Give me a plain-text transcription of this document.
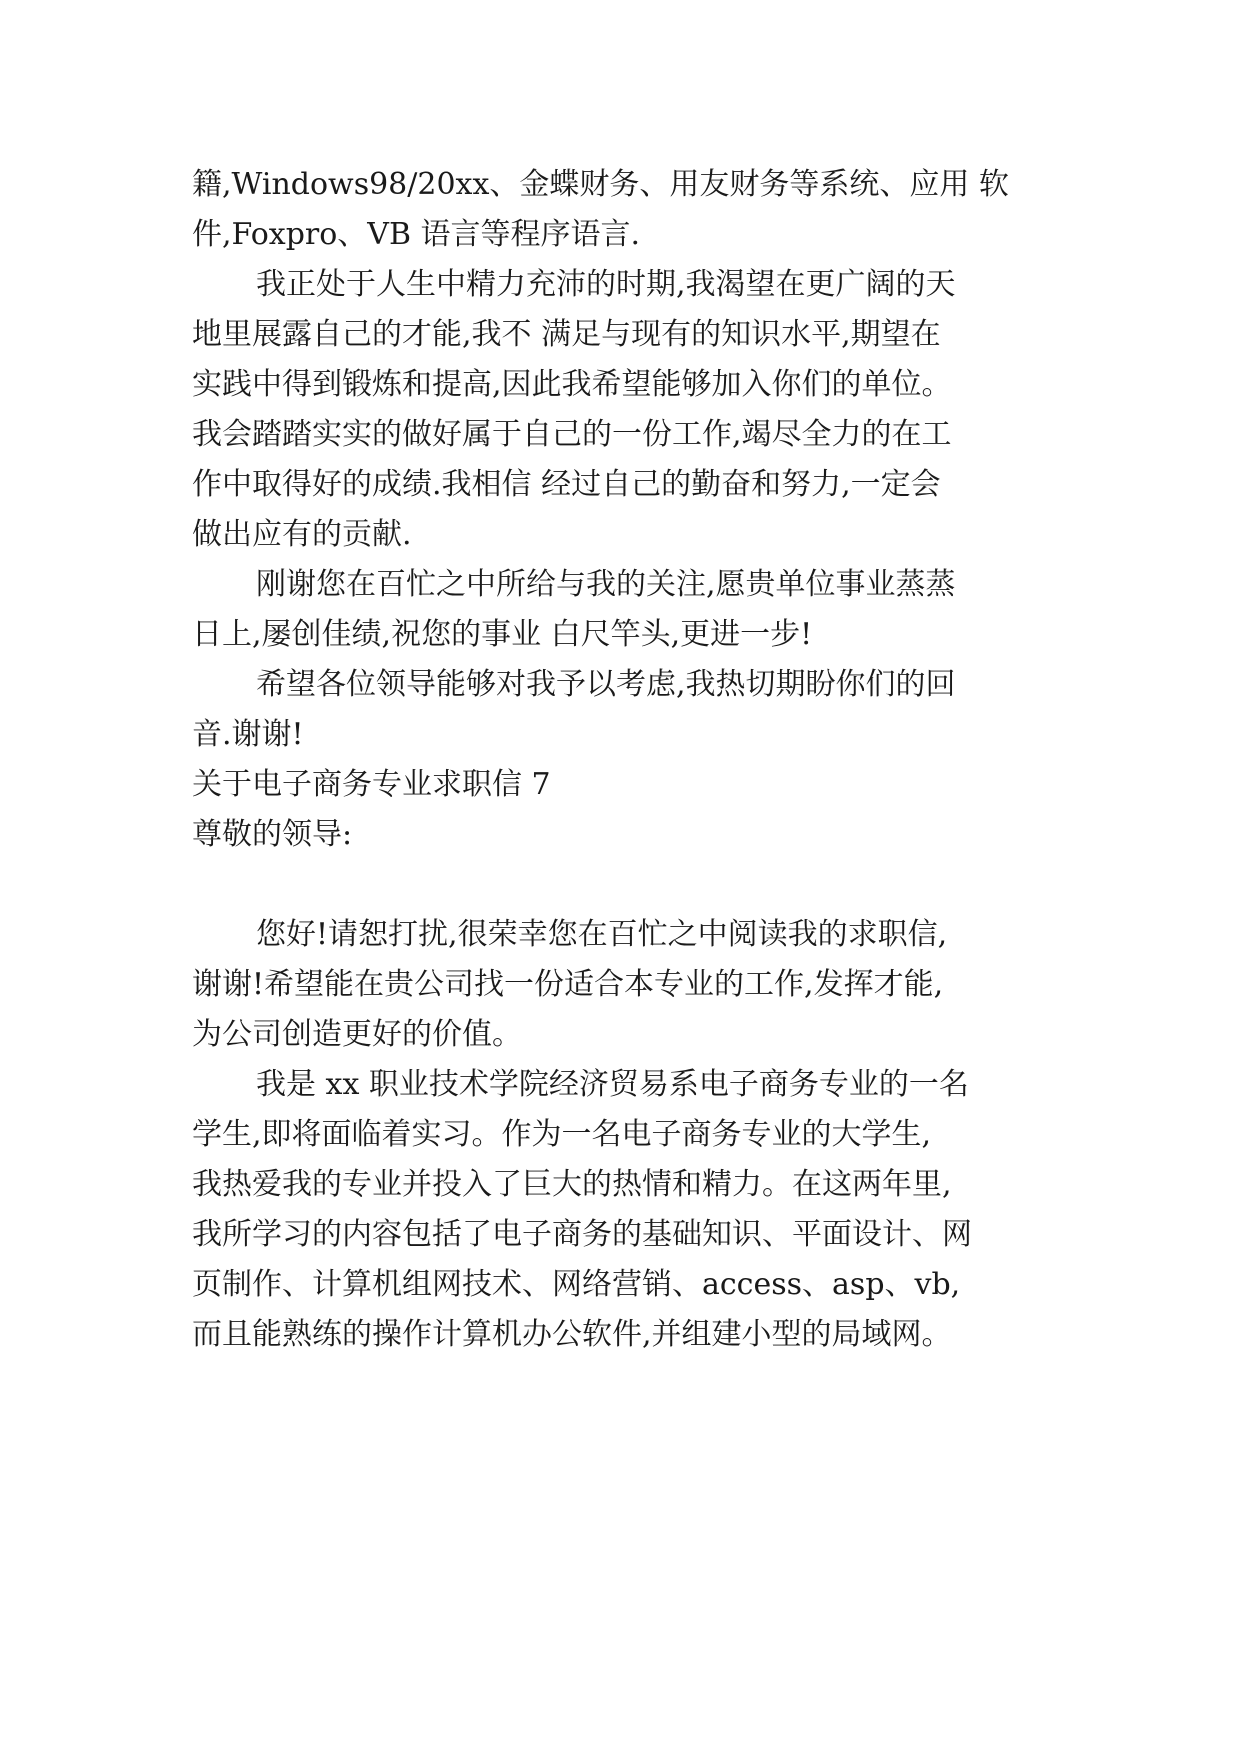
籍,Windows98/20xx、金蝶财务、用友财务等系统、应用 软
件,Foxpro、VB 语言等程序语言.
我正处于人生中精力充沛的时期,我渴望在更广阔的天
地里展露自己的才能,我不 满足与现有的知识水平,期望在
实践中得到锻炼和提高,因此我希望能够加入你们的单位。
我会踏踏实实的做好属于自己的一份工作,竭尽全力的在工
作中取得好的成绩.我相信 经过自己的勤奋和努力,一定会
做出应有的贡献.
刚谢您在百忙之中所给与我的关注,愿贵单位事业蒸蒸
日上,屡创佳绩,祝您的事业 白尺竿头,更进一步!
希望各位领导能够对我予以考虑,我热切期盼你们的回
音.谢谢!
关于电子商务专业求职信 7
尊敬的领导:
您好!请恕打扰,很荣幸您在百忙之中阅读我的求职信,
谢谢!希望能在贵公司找一份适合本专业的工作,发挥才能,
为公司创造更好的价值。
我是 xx 职业技术学院经济贸易系电子商务专业的一名
学生,即将面临着实习。作为一名电子商务专业的大学生,
我热爱我的专业并投入了巨大的热情和精力。在这两年里,
我所学习的内容包括了电子商务的基础知识、平面设计、网
页制作、计算机组网技术、网络营销、access、asp、vb,
而且能熟练的操作计算机办公软件,并组建小型的局域网。
